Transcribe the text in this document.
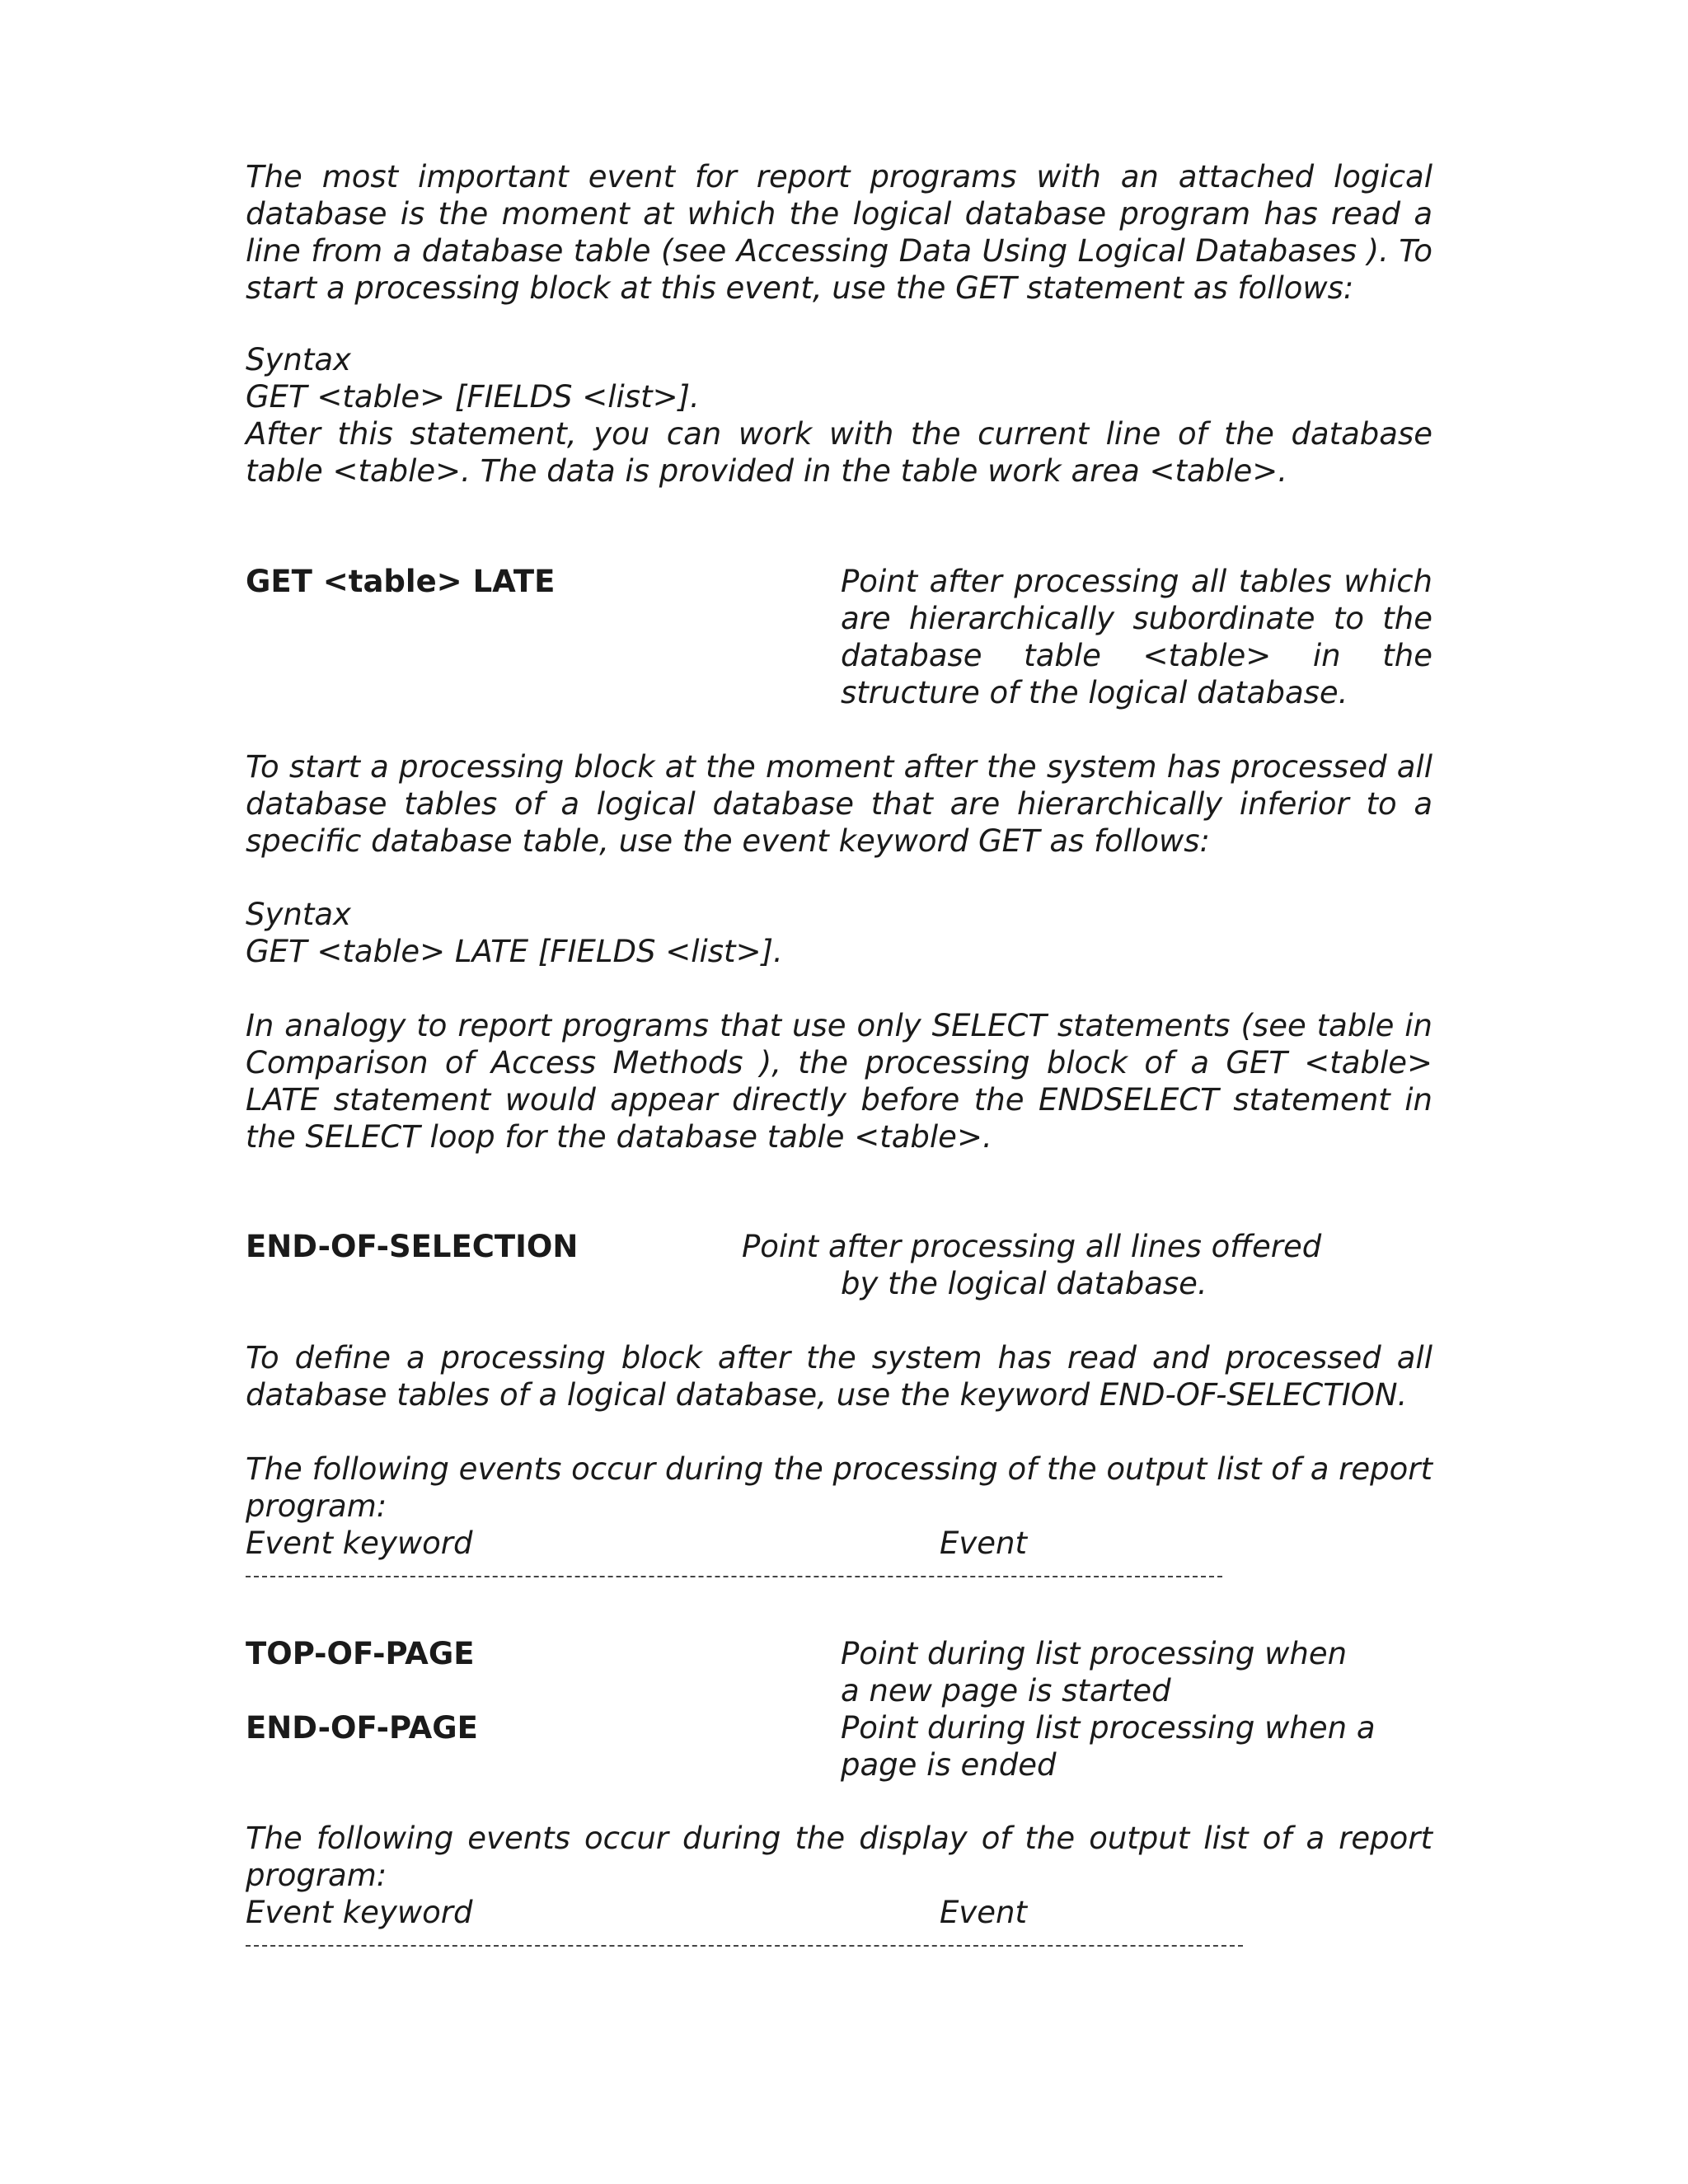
The most important event for report programs with an attached logical database is the moment at which the logical database program has read a line from a database table (see Accessing Data Using Logical Databases ). To start a processing block at this event, use the GET statement as follows:

Syntax

GET <table> [FIELDS <list>].

After this statement, you can work with the current line of the database table <table>. The data is provided in the table work area <table>.

GET <table> LATE	Point after processing all tables which are hierarchically subordinate to the database table <table> in the structure of the logical database.

To start a processing block at the moment after the system has processed all database tables of a logical database that are hierarchically inferior to a specific database table, use the event keyword GET as follows:

Syntax

GET <table> LATE [FIELDS <list>].

In analogy to report programs that use only SELECT statements (see table in Comparison of Access Methods ), the processing block of a GET <table> LATE statement would appear directly before the ENDSELECT statement in the SELECT loop for the database table <table>.

END-OF-SELECTION	Point after processing all lines offered
by the logical database.

To define a processing block after the system has read and processed all database tables of a logical database, use the keyword END-OF-SELECTION.

The following events occur during the processing of the output list of a report program:

Event keyword	Event

TOP-OF-PAGE	Point during list processing when a new page is started

END-OF-PAGE	Point during list processing when a page is ended

The following events occur during the display of the output list of a report program:

Event keyword	Event
